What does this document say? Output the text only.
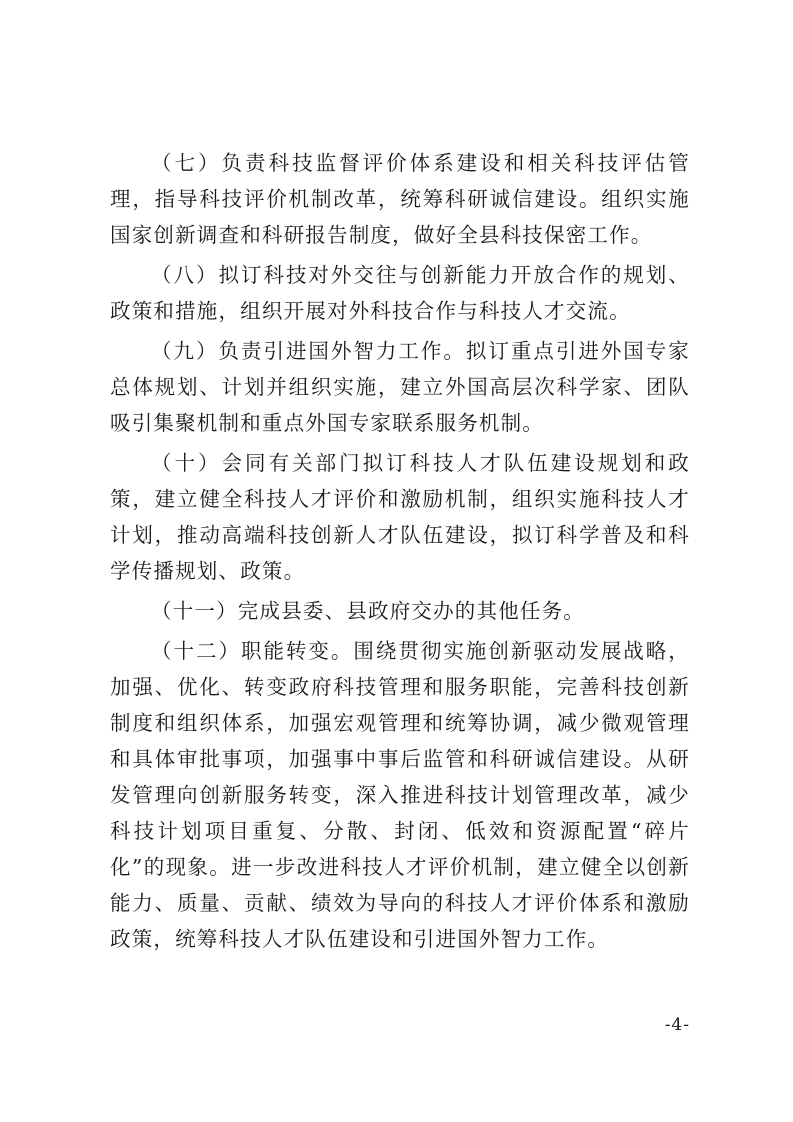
（七）负责科技监督评价体系建设和相关科技评估管理，指导科技评价机制改革，统筹科研诚信建设。组织实施国家创新调查和科研报告制度，做好全县科技保密工作。

（八）拟订科技对外交往与创新能力开放合作的规划、政策和措施，组织开展对外科技合作与科技人才交流。

（九）负责引进国外智力工作。拟订重点引进外国专家总体规划、计划并组织实施，建立外国高层次科学家、团队吸引集聚机制和重点外国专家联系服务机制。

（十）会同有关部门拟订科技人才队伍建设规划和政策，建立健全科技人才评价和激励机制，组织实施科技人才计划，推动高端科技创新人才队伍建设，拟订科学普及和科学传播规划、政策。

（十一）完成县委、县政府交办的其他任务。

（十二）职能转变。围绕贯彻实施创新驱动发展战略，加强、优化、转变政府科技管理和服务职能，完善科技创新制度和组织体系，加强宏观管理和统筹协调，减少微观管理和具体审批事项，加强事中事后监管和科研诚信建设。从研发管理向创新服务转变，深入推进科技计划管理改革，减少科技计划项目重复、分散、封闭、低效和资源配置“碎片化”的现象。进一步改进科技人才评价机制，建立健全以创新能力、质量、贡献、绩效为导向的科技人才评价体系和激励政策，统筹科技人才队伍建设和引进国外智力工作。

-4-
